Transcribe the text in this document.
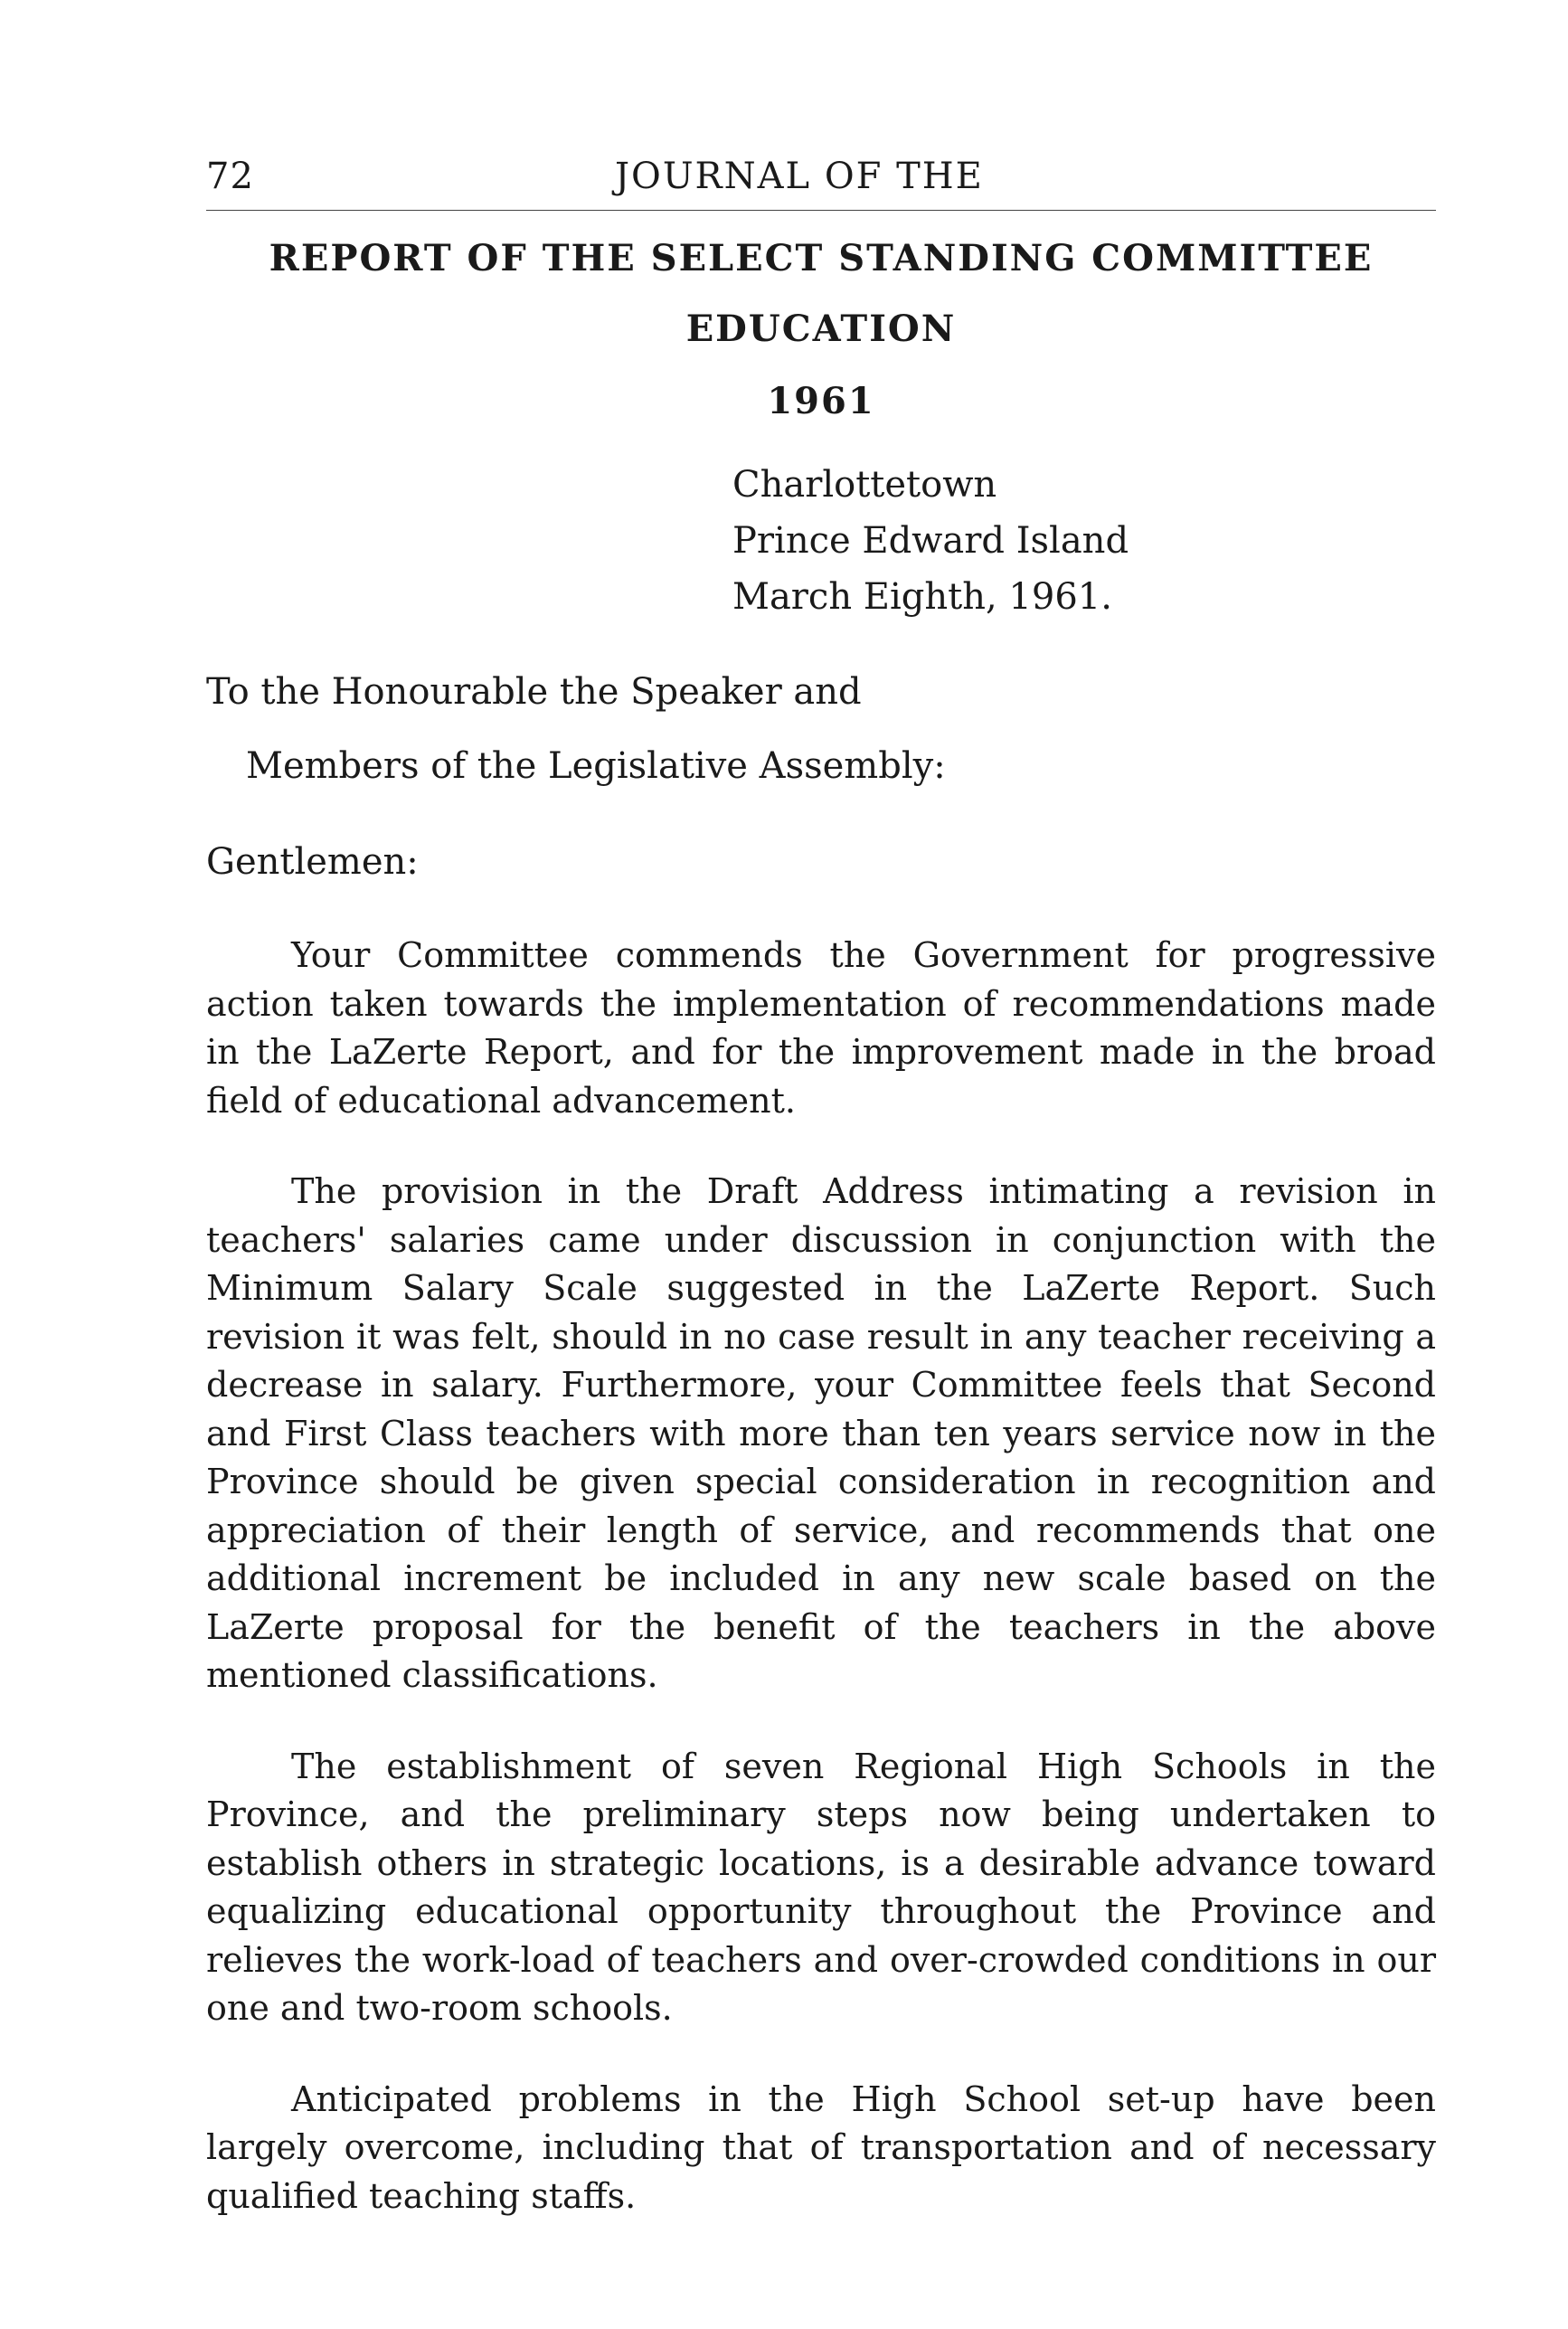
72	JOURNAL OF THE
REPORT OF THE SELECT STANDING COMMITTEE
EDUCATION
1961
Charlottetown
Prince Edward Island
March Eighth, 1961.
To the Honourable the Speaker and
Members of the Legislative Assembly:
Gentlemen:

Your Committee commends the Government for progressive action taken towards the implementation of recommendations made in the LaZerte Report, and for the improvement made in the broad field of educational advancement.

The provision in the Draft Address intimating a revision in teachers' salaries came under discussion in conjunction with the Minimum Salary Scale suggested in the LaZerte Report. Such revision it was felt, should in no case result in any teacher receiving a decrease in salary. Furthermore, your Committee feels that Second and First Class teachers with more than ten years service now in the Province should be given special consideration in recognition and appreciation of their length of service, and recommends that one additional increment be included in any new scale based on the LaZerte proposal for the benefit of the teachers in the above mentioned classifications.

The establishment of seven Regional High Schools in the Province, and the preliminary steps now being undertaken to establish others in strategic locations, is a desirable advance toward equalizing educational opportunity throughout the Province and relieves the work-load of teachers and over-crowded conditions in our one and two-room schools.

Anticipated problems in the High School set-up have been largely overcome, including that of transportation and of necessary qualified teaching staffs.
